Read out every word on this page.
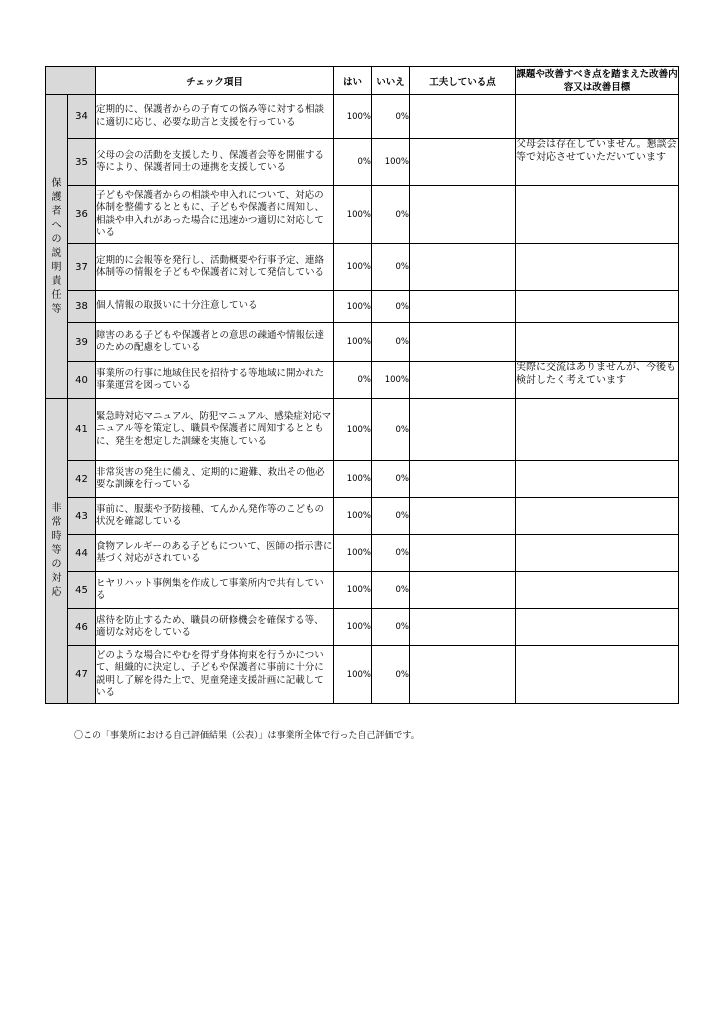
		チェック項目	はい	いいえ	工夫している点	課題や改善すべき点を踏まえた改善内容又は改善目標
保護者への説明責任等	34	定期的に、保護者からの子育ての悩み等に対する相談に適切に応じ、必要な助言と支援を行っている	100%	0%		
	35	父母の会の活動を支援したり、保護者会等を開催する等により、保護者同士の連携を支援している	0%	100%		父母会は存在していません。懇談会等で対応させていただいています
	36	子どもや保護者からの相談や申入れについて、対応の体制を整備するとともに、子どもや保護者に周知し、相談や申入れがあった場合に迅速かつ適切に対応している	100%	0%		
	37	定期的に会報等を発行し、活動概要や行事予定、連絡体制等の情報を子どもや保護者に対して発信している	100%	0%		
	38	個人情報の取扱いに十分注意している	100%	0%		
	39	障害のある子どもや保護者との意思の疎通や情報伝達のための配慮をしている	100%	0%		
	40	事業所の行事に地域住民を招待する等地域に開かれた事業運営を図っている	0%	100%		実際に交流はありませんが、今後も検討したく考えています
非常時等の対応	41	緊急時対応マニュアル、防犯マニュアル、感染症対応マニュアル等を策定し、職員や保護者に周知するとともに、発生を想定した訓練を実施している	100%	0%		
	42	非常災害の発生に備え、定期的に避難、救出その他必要な訓練を行っている	100%	0%		
	43	事前に、服薬や予防接種、てんかん発作等のこどもの状況を確認している	100%	0%		
	44	食物アレルギーのある子どもについて、医師の指示書に基づく対応がされている	100%	0%		
	45	ヒヤリハット事例集を作成して事業所内で共有している	100%	0%		
	46	虐待を防止するため、職員の研修機会を確保する等、適切な対応をしている	100%	0%		
	47	どのような場合にやむを得ず身体拘束を行うかについて、組織的に決定し、子どもや保護者に事前に十分に説明し了解を得た上で、児童発達支援計画に記載している	100%	0%		
〇この「事業所における自己評価結果（公表）」は事業所全体で行った自己評価です。
